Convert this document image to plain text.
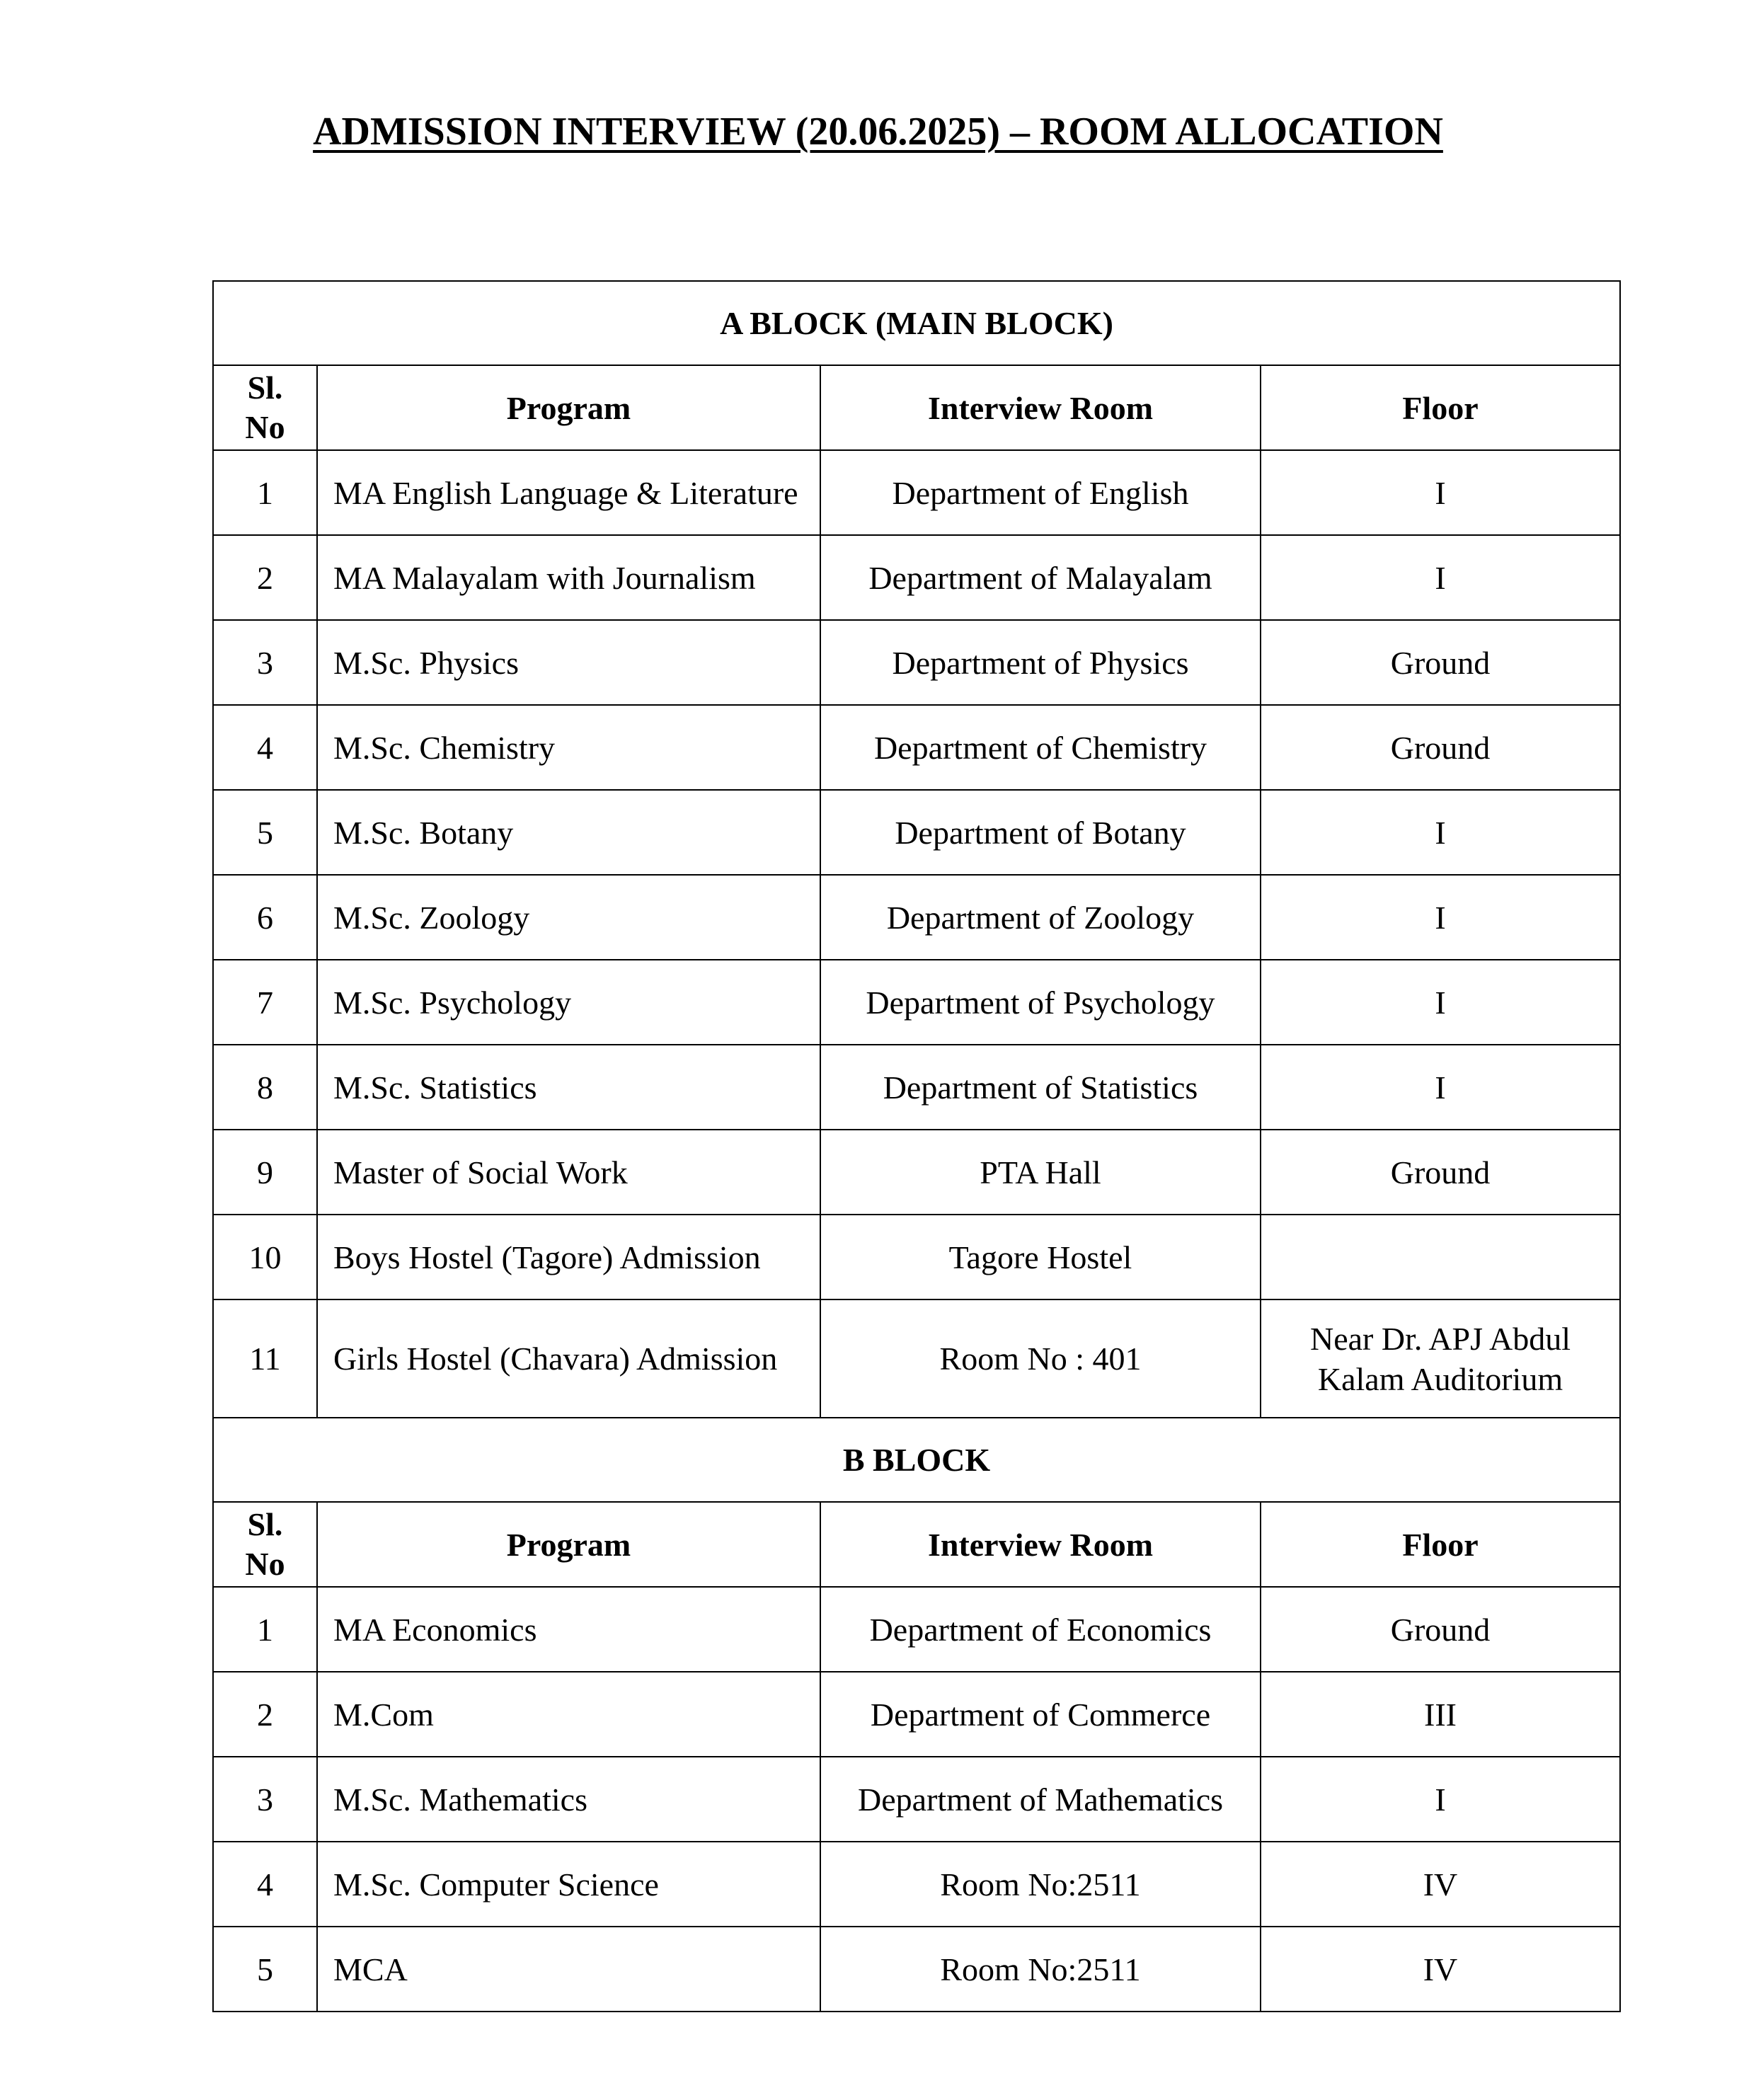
ADMISSION INTERVIEW (20.06.2025) – ROOM ALLOCATION
A BLOCK (MAIN BLOCK)			
Sl. No	Program	Interview Room	Floor
1	MA English Language & Literature	Department of English	I
2	MA Malayalam with Journalism	Department of Malayalam	I
3	M.Sc. Physics	Department of Physics	Ground
4	M.Sc. Chemistry	Department of Chemistry	Ground
5	M.Sc. Botany	Department of Botany	I
6	M.Sc. Zoology	Department of Zoology	I
7	M.Sc. Psychology	Department of Psychology	I
8	M.Sc. Statistics	Department of Statistics	I
9	Master of Social Work	PTA Hall	Ground
10	Boys Hostel (Tagore) Admission	Tagore Hostel	
11	Girls Hostel (Chavara) Admission	Room No : 401	Near Dr. APJ Abdul Kalam Auditorium
B BLOCK			
Sl. No	Program	Interview Room	Floor
1	MA Economics	Department of Economics	Ground
2	M.Com	Department of Commerce	III
3	M.Sc. Mathematics	Department of Mathematics	I
4	M.Sc. Computer Science	Room No:2511	IV
5	MCA	Room No:2511	IV
